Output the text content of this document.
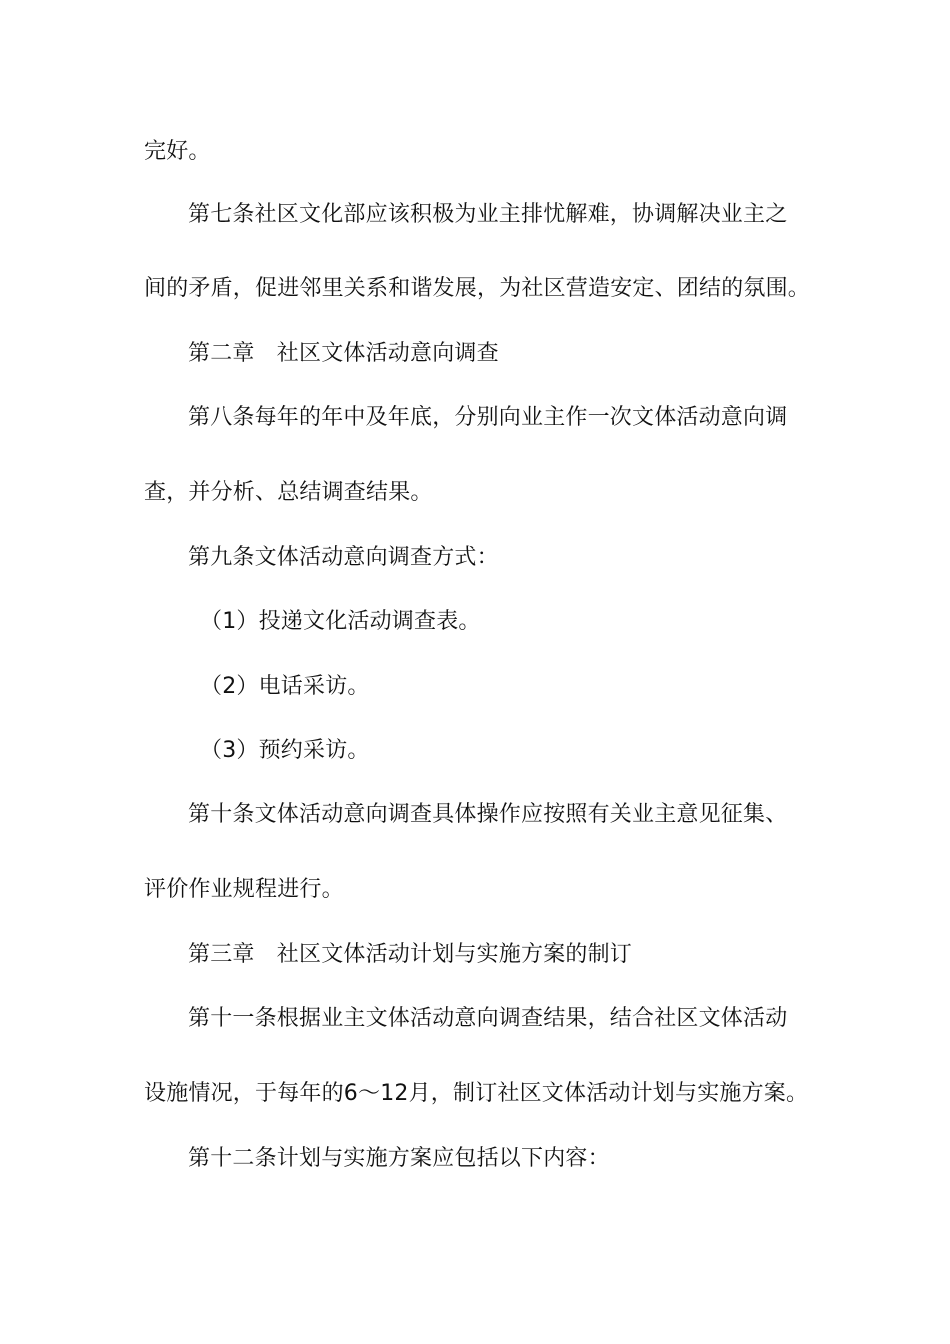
完好。
第七条社区文化部应该积极为业主排忧解难，协调解决业主之
间的矛盾，促进邻里关系和谐发展，为社区营造安定、团结的氛围。
第二章　社区文体活动意向调查
第八条每年的年中及年底，分别向业主作一次文体活动意向调
查，并分析、总结调查结果。
第九条文体活动意向调查方式：
（1）投递文化活动调查表。
（2）电话采访。
（3）预约采访。
第十条文体活动意向调查具体操作应按照有关业主意见征集、
评价作业规程进行。
第三章　社区文体活动计划与实施方案的制订
第十一条根据业主文体活动意向调查结果，结合社区文体活动
设施情况，于每年的6～12月，制订社区文体活动计划与实施方案。
第十二条计划与实施方案应包括以下内容：
